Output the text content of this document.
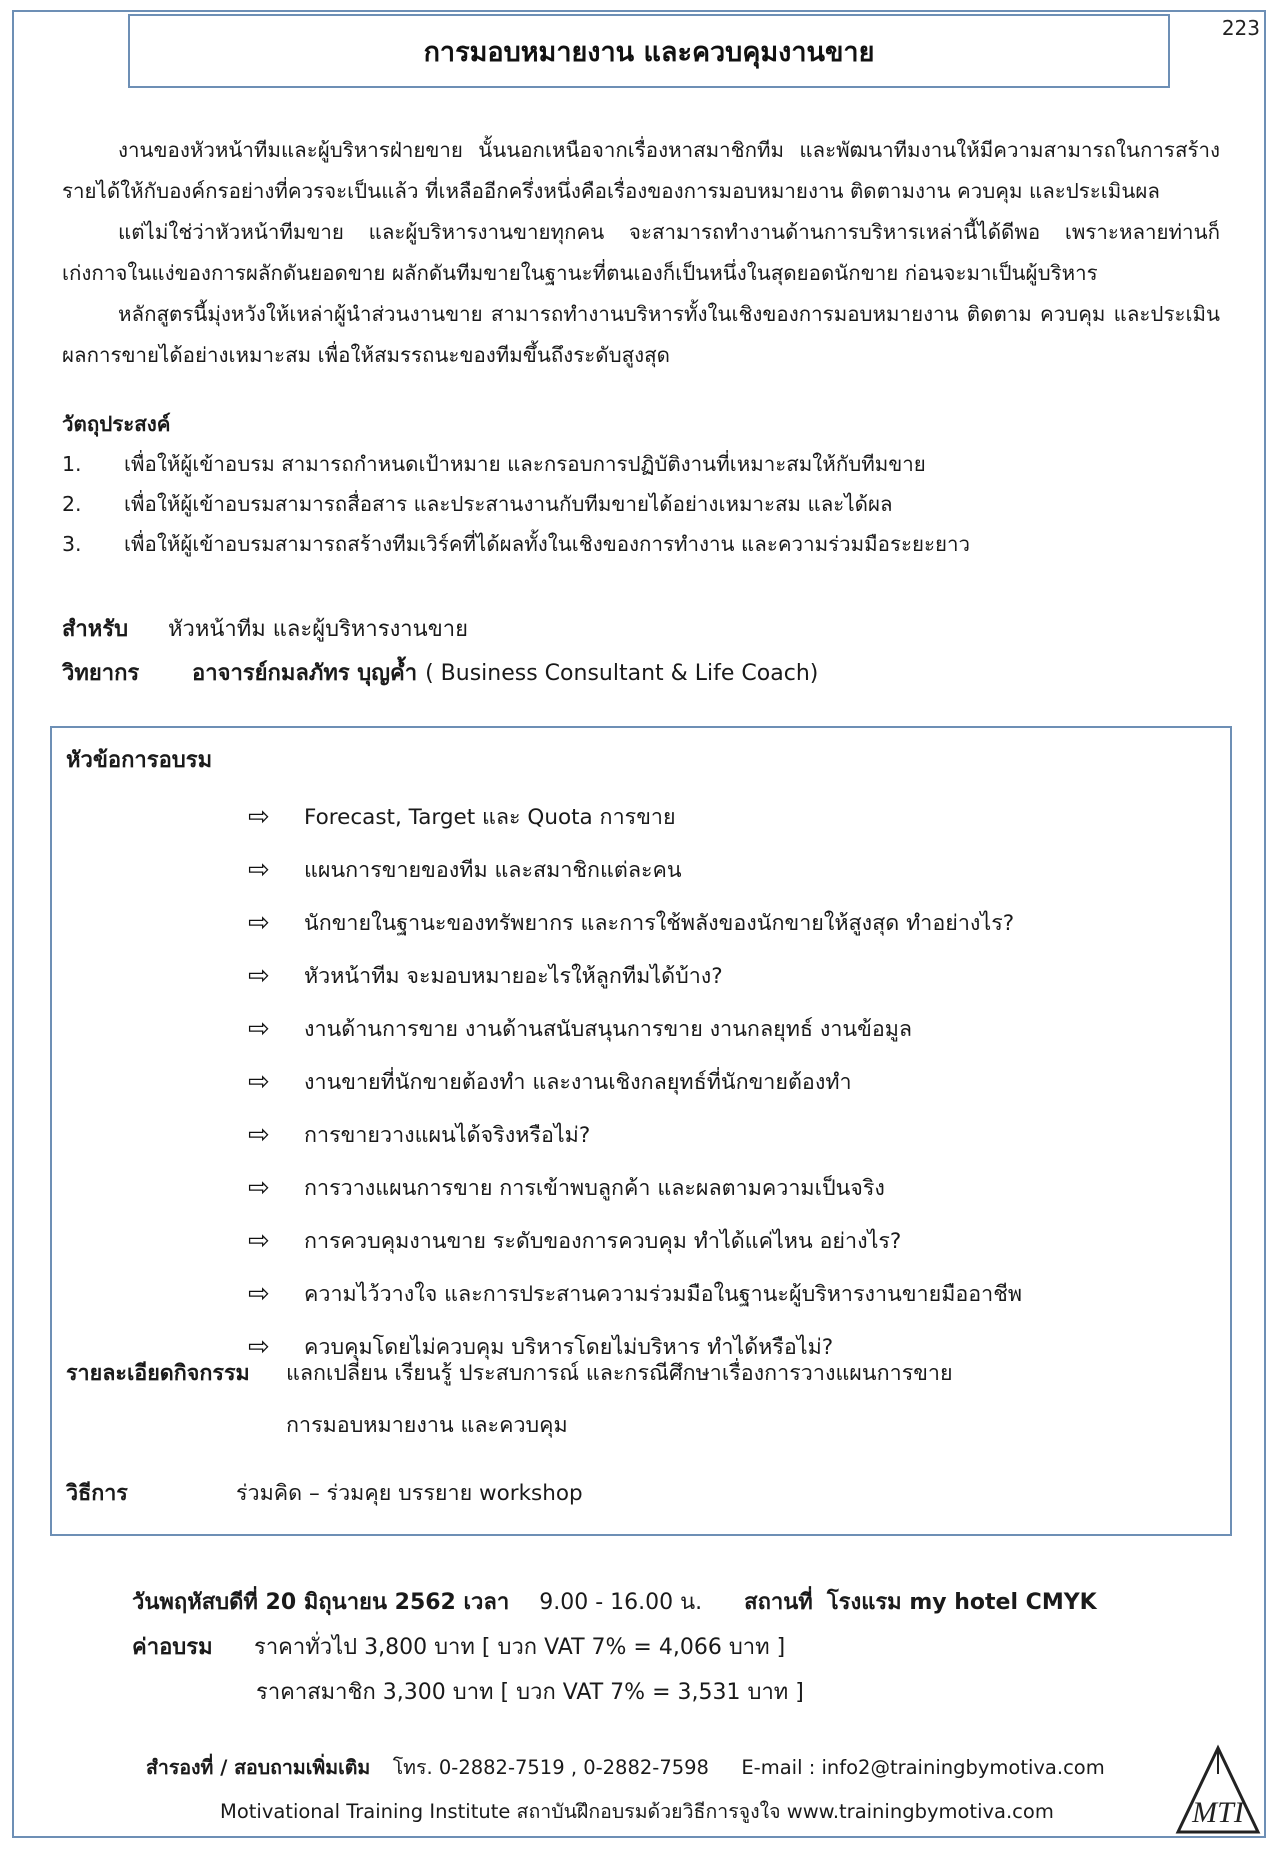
223
การมอบหมายงาน และควบคุมงานขาย

งานของหัวหน้าทีมและผู้บริหารฝ่ายขาย นั้นนอกเหนือจากเรื่องหาสมาชิกทีม และพัฒนาทีมงานให้มีความสามารถในการสร้างรายได้ให้กับองค์กรอย่างที่ควรจะเป็นแล้ว ที่เหลืออีกครึ่งหนึ่งคือเรื่องของการมอบหมายงาน ติดตามงาน ควบคุม และประเมินผล

แต่ไม่ใช่ว่าหัวหน้าทีมขาย และผู้บริหารงานขายทุกคน จะสามารถทำงานด้านการบริหารเหล่านี้ได้ดีพอ เพราะหลายท่านก็เก่งกาจในแง่ของการผลักดันยอดขาย ผลักดันทีมขายในฐานะที่ตนเองก็เป็นหนึ่งในสุดยอดนักขาย ก่อนจะมาเป็นผู้บริหาร

หลักสูตรนี้มุ่งหวังให้เหล่าผู้นำส่วนงานขาย สามารถทำงานบริหารทั้งในเชิงของการมอบหมายงาน ติดตาม ควบคุม และประเมินผลการขายได้อย่างเหมาะสม เพื่อให้สมรรถนะของทีมขึ้นถึงระดับสูงสุด

วัตถุประสงค์
1.	เพื่อให้ผู้เข้าอบรม สามารถกำหนดเป้าหมาย และกรอบการปฏิบัติงานที่เหมาะสมให้กับทีมขาย
2.	เพื่อให้ผู้เข้าอบรมสามารถสื่อสาร และประสานงานกับทีมขายได้อย่างเหมาะสม และได้ผล
3.	เพื่อให้ผู้เข้าอบรมสามารถสร้างทีมเวิร์คที่ได้ผลทั้งในเชิงของการทำงาน และความร่วมมือระยะยาว
สำหรับ	หัวหน้าทีม และผู้บริหารงานขาย
วิทยากร	อาจารย์กมลภัทร บุญค้ำ ( Business Consultant & Life Coach)
หัวข้อการอบรม
⇨	Forecast, Target และ Quota การขาย
⇨	แผนการขายของทีม และสมาชิกแต่ละคน
⇨	นักขายในฐานะของทรัพยากร และการใช้พลังของนักขายให้สูงสุด ทำอย่างไร?
⇨	หัวหน้าทีม จะมอบหมายอะไรให้ลูกทีมได้บ้าง?
⇨	งานด้านการขาย งานด้านสนับสนุนการขาย งานกลยุทธ์ งานข้อมูล
⇨	งานขายที่นักขายต้องทำ และงานเชิงกลยุทธ์ที่นักขายต้องทำ
⇨	การขายวางแผนได้จริงหรือไม่?
⇨	การวางแผนการขาย การเข้าพบลูกค้า และผลตามความเป็นจริง
⇨	การควบคุมงานขาย ระดับของการควบคุม ทำได้แค่ไหน อย่างไร?
⇨	ความไว้วางใจ และการประสานความร่วมมือในฐานะผู้บริหารงานขายมืออาชีพ
⇨	ควบคุมโดยไม่ควบคุม บริหารโดยไม่บริหาร ทำได้หรือไม่?
รายละเอียดกิจกรรม	แลกเปลี่ยน เรียนรู้ ประสบการณ์ และกรณีศึกษาเรื่องการวางแผนการขาย
การมอบหมายงาน และควบคุม
วิธีการ	ร่วมคิด – ร่วมคุย บรรยาย workshop
วันพฤหัสบดีที่ 20 มิถุนายน 2562 เวลา 9.00 - 16.00 น. สถานที่ โรงแรม my hotel CMYK
ค่าอบรม	ราคาทั่วไป 3,800 บาท [ บวก VAT 7% = 4,066 บาท ]
ราคาสมาชิก 3,300 บาท [ บวก VAT 7% = 3,531 บาท ]
สำรองที่ / สอบถามเพิ่มเติม โทร. 0-2882-7519 , 0-2882-7598 E-mail : info2@trainingbymotiva.com
Motivational Training Institute สถาบันฝึกอบรมด้วยวิธีการจูงใจ www.trainingbymotiva.com	MTI
